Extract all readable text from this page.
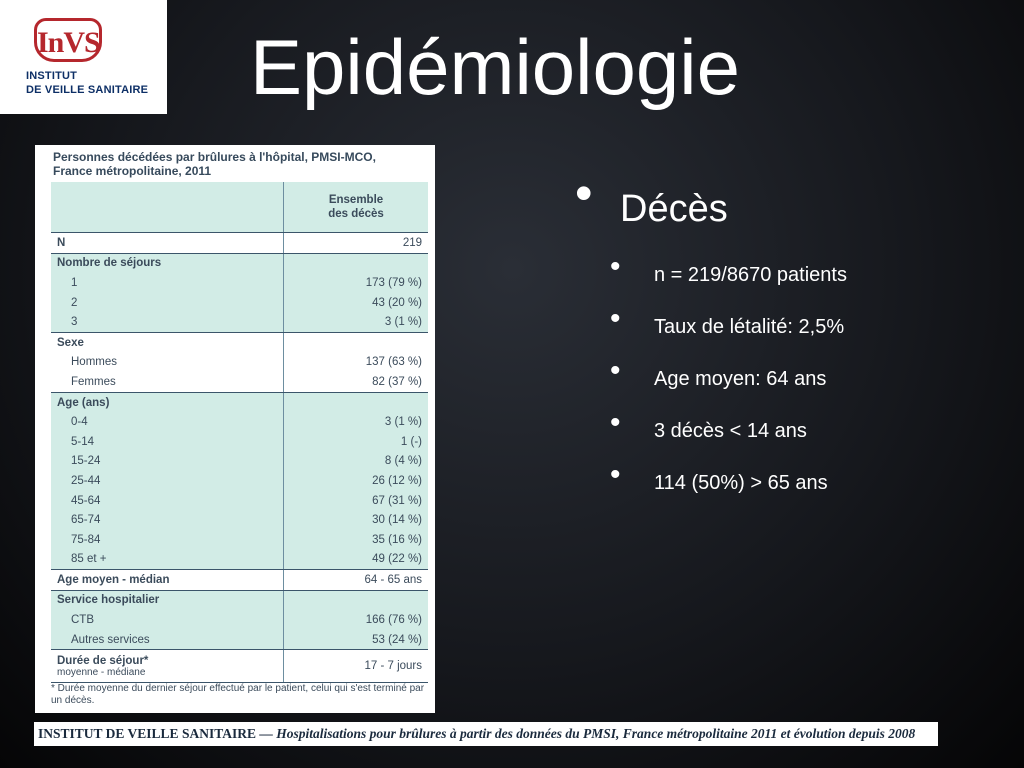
InVS
INSTITUT
DE VEILLE SANITAIRE Epidémiologie
Personnes décédées par brûlures à l'hôpital, PMSI-MCO,
France métropolitaine, 2011
	Ensemble
des décès
N	219
Nombre de séjours	
1	173 (79 %)
2	43 (20 %)
3	3 (1 %)
Sexe	
Hommes	137 (63 %)
Femmes	82 (37 %)
Age (ans)	
0-4	3 (1 %)
5-14	1 (-)
15-24	8 (4 %)
25-44	26 (12 %)
45-64	67 (31 %)
65-74	30 (14 %)
75-84	35 (16 %)
85 et +	49 (22 %)
Age moyen - médian	64 - 65 ans
Service hospitalier	
CTB	166 (76 %)
Autres services	53 (24 %)
Durée de séjour*
moyenne - médiane	17 - 7 jours
* Durée moyenne du dernier séjour effectué par le patient, celui qui s'est terminé par un décès.
• Décès
• n = 219/8670 patients
• Taux de létalité: 2,5%
• Age moyen: 64 ans
• 3 décès < 14 ans
• 114 (50%) > 65 ans
INSTITUT DE VEILLE SANITAIRE — Hospitalisations pour brûlures à partir des données du PMSI, France métropolitaine 2011 et évolution depuis 2008
